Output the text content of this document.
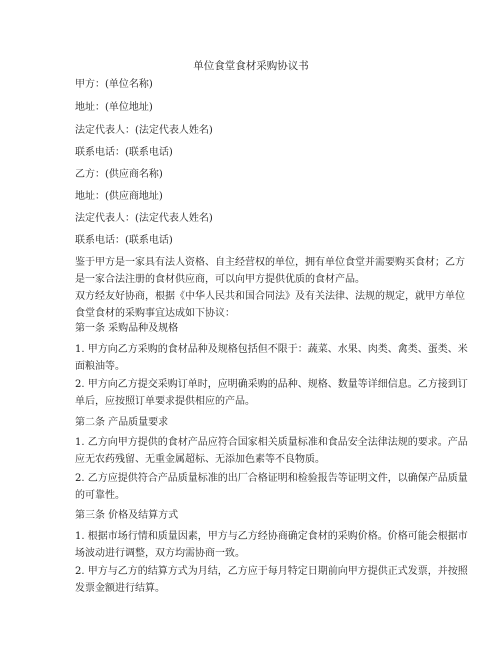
单位食堂食材采购协议书
甲方：(单位名称)
地址：(单位地址)
法定代表人：(法定代表人姓名)
联系电话：(联系电话)
乙方：(供应商名称)
地址：(供应商地址)
法定代表人：(法定代表人姓名)
联系电话：(联系电话)
鉴于甲方是一家具有法人资格、自主经营权的单位，拥有单位食堂并需要购买食材；乙方
是一家合法注册的食材供应商，可以向甲方提供优质的食材产品。
双方经友好协商，根据《中华人民共和国合同法》及有关法律、法规的规定，就甲方单位
食堂食材的采购事宜达成如下协议：
第一条 采购品种及规格
1. 甲方向乙方采购的食材品种及规格包括但不限于：蔬菜、水果、肉类、禽类、蛋类、米
面粮油等。
2. 甲方向乙方提交采购订单时，应明确采购的品种、规格、数量等详细信息。乙方接到订
单后，应按照订单要求提供相应的产品。
第二条 产品质量要求
1. 乙方向甲方提供的食材产品应符合国家相关质量标准和食品安全法律法规的要求。产品
应无农药残留、无重金属超标、无添加色素等不良物质。
2. 乙方应提供符合产品质量标准的出厂合格证明和检验报告等证明文件，以确保产品质量
的可靠性。
第三条 价格及结算方式
1. 根据市场行情和质量因素，甲方与乙方经协商确定食材的采购价格。价格可能会根据市
场波动进行调整，双方均需协商一致。
2. 甲方与乙方的结算方式为月结，乙方应于每月特定日期前向甲方提供正式发票，并按照
发票金额进行结算。
